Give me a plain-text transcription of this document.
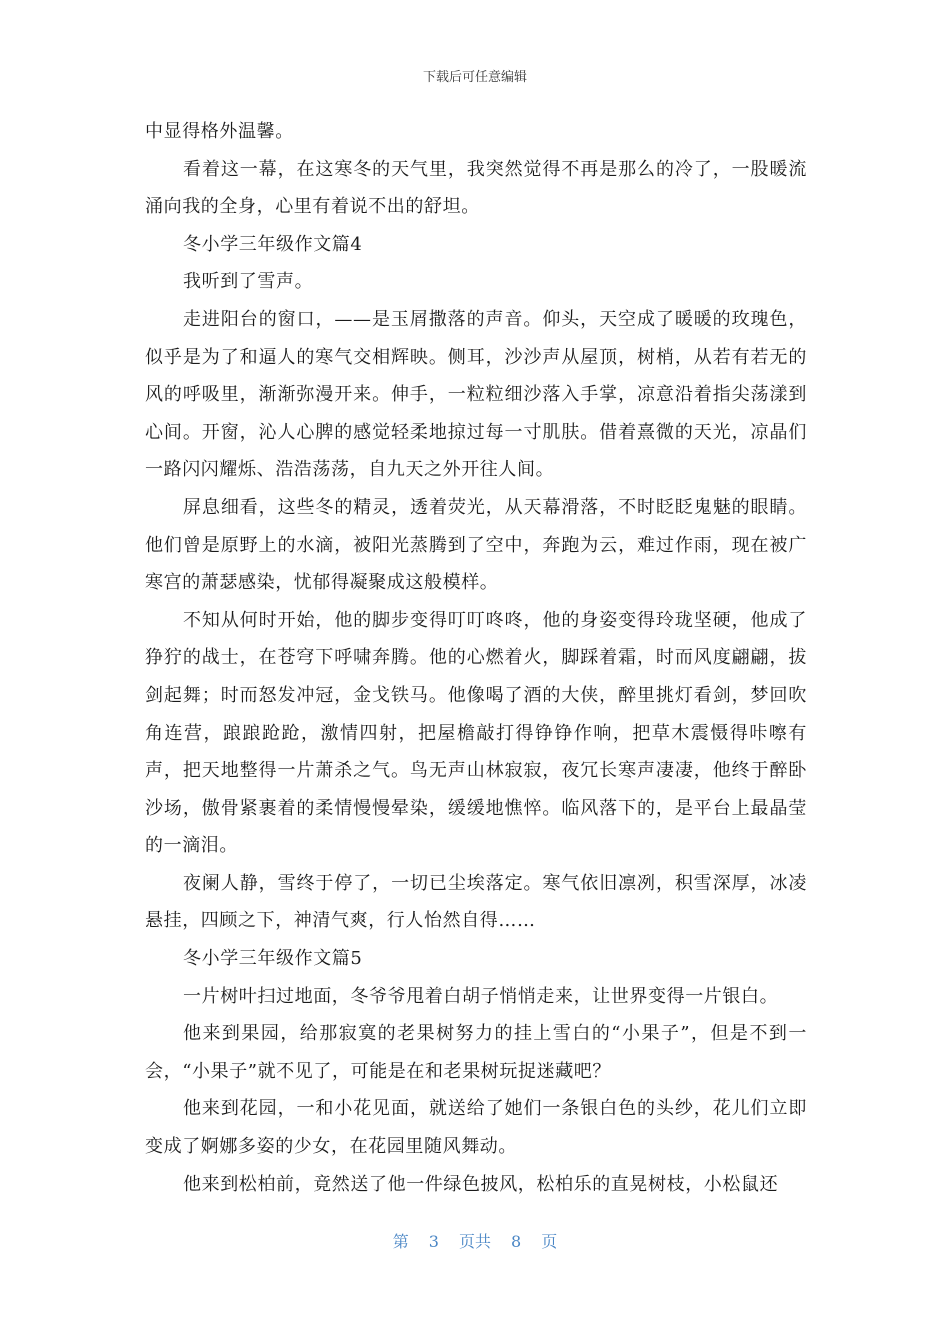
下载后可任意编辑

中显得格外温馨。

看着这一幕，在这寒冬的天气里，我突然觉得不再是那么的冷了，一股暖流涌向我的全身，心里有着说不出的舒坦。

冬小学三年级作文篇4

我听到了雪声。

走进阳台的窗口，——是玉屑撒落的声音。仰头，天空成了暖暖的玫瑰色，似乎是为了和逼人的寒气交相辉映。侧耳，沙沙声从屋顶，树梢，从若有若无的风的呼吸里，渐渐弥漫开来。伸手，一粒粒细沙落入手掌，凉意沿着指尖荡漾到心间。开窗，沁人心脾的感觉轻柔地掠过每一寸肌肤。借着熹微的天光，凉晶们一路闪闪耀烁、浩浩荡荡，自九天之外开往人间。

屏息细看，这些冬的精灵，透着荧光，从天幕滑落，不时眨眨鬼魅的眼睛。他们曾是原野上的水滴，被阳光蒸腾到了空中，奔跑为云，难过作雨，现在被广寒宫的萧瑟感染，忧郁得凝聚成这般模样。

不知从何时开始，他的脚步变得叮叮咚咚，他的身姿变得玲珑坚硬，他成了狰狞的战士，在苍穹下呼啸奔腾。他的心燃着火，脚踩着霜，时而风度翩翩，拔剑起舞；时而怒发冲冠，金戈铁马。他像喝了酒的大侠，醉里挑灯看剑，梦回吹角连营，踉踉跄跄，激情四射，把屋檐敲打得铮铮作响，把草木震慑得咔嚓有声，把天地整得一片萧杀之气。鸟无声山林寂寂，夜冗长寒声凄凄，他终于醉卧沙场，傲骨紧裹着的柔情慢慢晕染，缓缓地憔悴。临风落下的，是平台上最晶莹的一滴泪。

夜阑人静，雪终于停了，一切已尘埃落定。寒气依旧凛冽，积雪深厚，冰凌悬挂，四顾之下，神清气爽，行人怡然自得……

冬小学三年级作文篇5

一片树叶扫过地面，冬爷爷甩着白胡子悄悄走来，让世界变得一片银白。

他来到果园，给那寂寞的老果树努力的挂上雪白的“小果子”，但是不到一会，“小果子”就不见了，可能是在和老果树玩捉迷藏吧？

他来到花园，一和小花见面，就送给了她们一条银白色的头纱，花儿们立即变成了婀娜多姿的少女，在花园里随风舞动。

他来到松柏前，竟然送了他一件绿色披风，松柏乐的直晃树枝，小松鼠还

第 3 页共 8 页
